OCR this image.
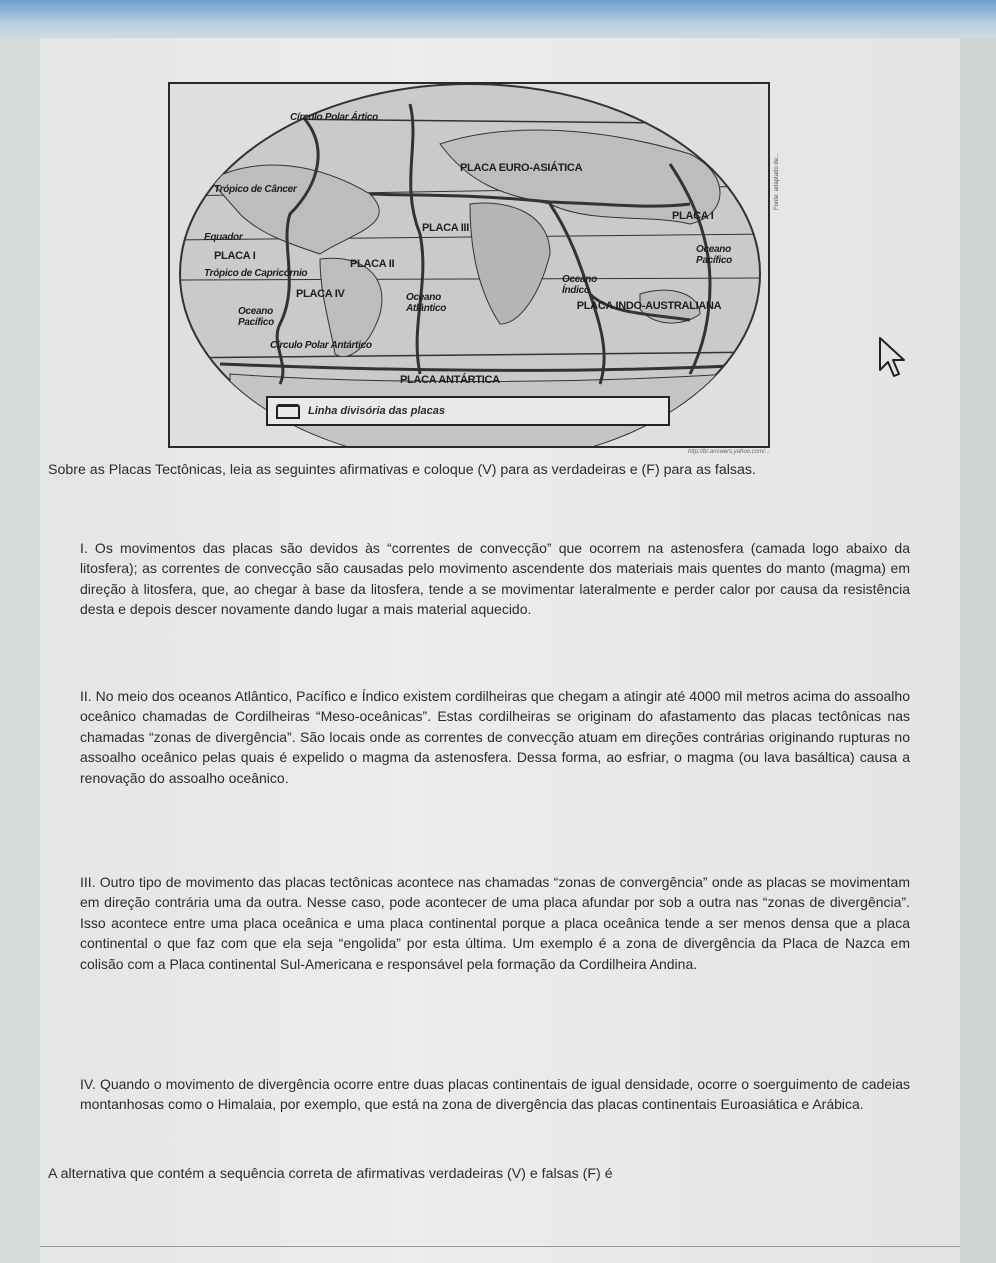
Círculo Polar Ártico
PLACA EURO-ASIÁTICA
Trópico de Câncer
Equador
PLACA I
PLACA II
PLACA III
PLACA I
Trópico de Capricórnio
PLACA IV
Oceano Pacífico
Oceano Atlântico
Oceano Índico
Oceano Pacífico
PLACA INDO-AUSTRALIANA
Círculo Polar Antártico
PLACA ANTÁRTICA
Linha divisória das placas
Fonte: adaptado de...
http://br.answers.yahoo.com/...
Sobre as Placas Tectônicas, leia as seguintes afirmativas e coloque (V) para as verdadeiras e (F) para as falsas.
I. Os movimentos das placas são devidos às “correntes de convecção” que ocorrem na astenosfera (camada logo abaixo da litosfera); as correntes de convecção são causadas pelo movimento ascendente dos materiais mais quentes do manto (magma) em direção à litosfera, que, ao chegar à base da litosfera, tende a se movimentar lateralmente e perder calor por causa da resistência desta e depois descer novamente dando lugar a mais material aquecido.
II. No meio dos oceanos Atlântico, Pacífico e Índico existem cordilheiras que chegam a atingir até 4000 mil metros acima do assoalho oceânico chamadas de Cordilheiras “Meso-oceânicas”. Estas cordilheiras se originam do afastamento das placas tectônicas nas chamadas “zonas de divergência”. São locais onde as correntes de convecção atuam em direções contrárias originando rupturas no assoalho oceânico pelas quais é expelido o magma da astenosfera. Dessa forma, ao esfriar, o magma (ou lava basáltica) causa a renovação do assoalho oceânico.
III. Outro tipo de movimento das placas tectônicas acontece nas chamadas “zonas de convergência” onde as placas se movimentam em direção contrária uma da outra. Nesse caso, pode acontecer de uma placa afundar por sob a outra nas “zonas de divergência”. Isso acontece entre uma placa oceânica e uma placa continental porque a placa oceânica tende a ser menos densa que a placa continental o que faz com que ela seja “engolida” por esta última. Um exemplo é a zona de divergência da Placa de Nazca em colisão com a Placa continental Sul-Americana e responsável pela formação da Cordilheira Andina.
IV. Quando o movimento de divergência ocorre entre duas placas continentais de igual densidade, ocorre o soerguimento de cadeias montanhosas como o Himalaia, por exemplo, que está na zona de divergência das placas continentais Euroasiática e Arábica.
A alternativa que contém a sequência correta de afirmativas verdadeiras (V) e falsas (F) é
